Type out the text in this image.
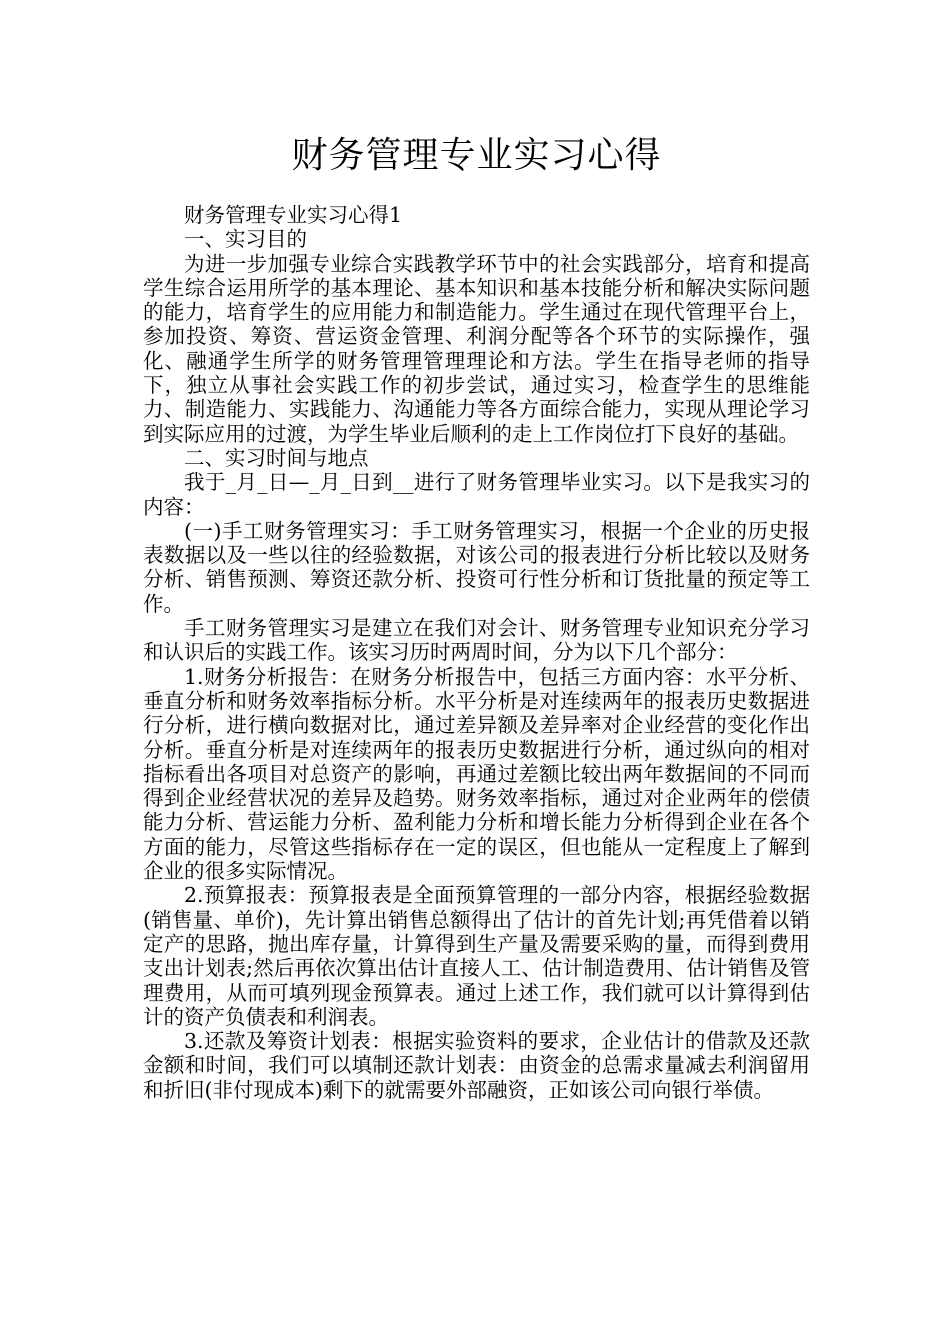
财务管理专业实习心得

财务管理专业实习心得1

一、实习目的

为进一步加强专业综合实践教学环节中的社会实践部分，培育和提高学生综合运用所学的基本理论、基本知识和基本技能分析和解决实际问题的能力，培育学生的应用能力和制造能力。学生通过在现代管理平台上，参加投资、筹资、营运资金管理、利润分配等各个环节的实际操作，强化、融通学生所学的财务管理管理理论和方法。学生在指导老师的指导下，独立从事社会实践工作的初步尝试，通过实习，检查学生的思维能力、制造能力、实践能力、沟通能力等各方面综合能力，实现从理论学习到实际应用的过渡，为学生毕业后顺利的走上工作岗位打下良好的基础。

二、实习时间与地点

我于_月_日—_月_日到__进行了财务管理毕业实习。以下是我实习的内容：

(一)手工财务管理实习：手工财务管理实习，根据一个企业的历史报表数据以及一些以往的经验数据，对该公司的报表进行分析比较以及财务分析、销售预测、筹资还款分析、投资可行性分析和订货批量的预定等工作。

手工财务管理实习是建立在我们对会计、财务管理专业知识充分学习和认识后的实践工作。该实习历时两周时间，分为以下几个部分：

1.财务分析报告：在财务分析报告中，包括三方面内容：水平分析、垂直分析和财务效率指标分析。水平分析是对连续两年的报表历史数据进行分析，进行横向数据对比，通过差异额及差异率对企业经营的变化作出分析。垂直分析是对连续两年的报表历史数据进行分析，通过纵向的相对指标看出各项目对总资产的影响，再通过差额比较出两年数据间的不同而得到企业经营状况的差异及趋势。财务效率指标，通过对企业两年的偿债能力分析、营运能力分析、盈利能力分析和增长能力分析得到企业在各个方面的能力，尽管这些指标存在一定的误区，但也能从一定程度上了解到企业的很多实际情况。

2.预算报表：预算报表是全面预算管理的一部分内容，根据经验数据(销售量、单价)，先计算出销售总额得出了估计的首先计划;再凭借着以销定产的思路，抛出库存量，计算得到生产量及需要采购的量，而得到费用支出计划表;然后再依次算出估计直接人工、估计制造费用、估计销售及管理费用，从而可填列现金预算表。通过上述工作，我们就可以计算得到估计的资产负债表和利润表。

3.还款及筹资计划表：根据实验资料的要求，企业估计的借款及还款金额和时间，我们可以填制还款计划表：由资金的总需求量减去利润留用和折旧(非付现成本)剩下的就需要外部融资，正如该公司向银行举债。
